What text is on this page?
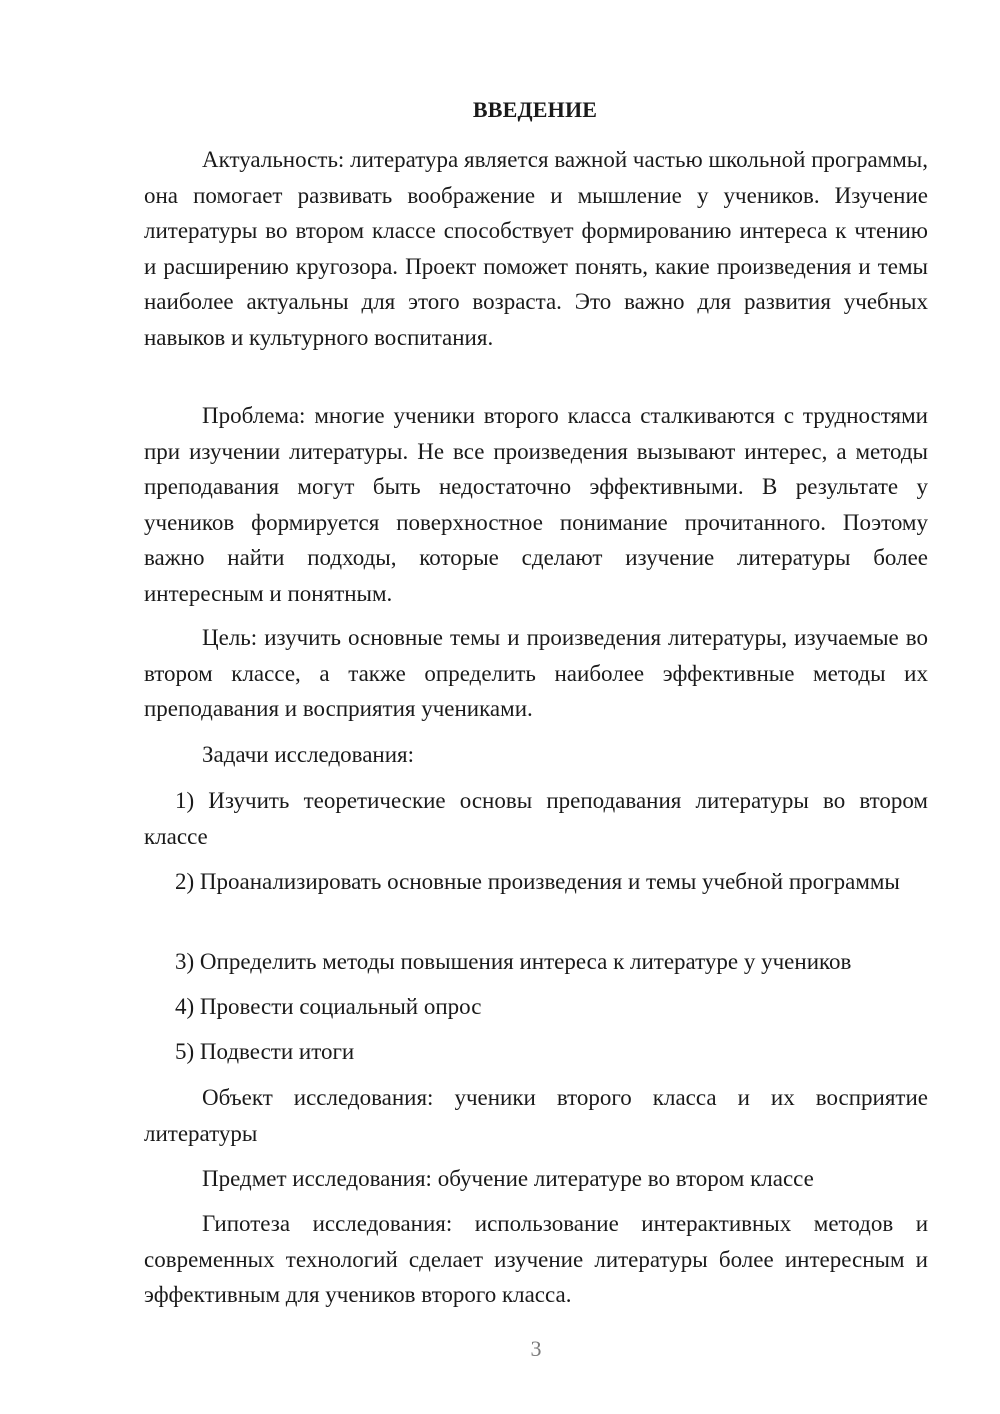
ВВЕДЕНИЕ

Актуальность: литература является важной частью школьной программы, она помогает развивать воображение и мышление у учеников. Изучение литературы во втором классе способствует формированию интереса к чтению и расширению кругозора. Проект поможет понять, какие произведения и темы наиболее актуальны для этого возраста. Это важно для развития учебных навыков и культурного воспитания.

Проблема: многие ученики второго класса сталкиваются с трудностями при изучении литературы. Не все произведения вызывают интерес, а методы преподавания могут быть недостаточно эффективными. В результате у учеников формируется поверхностное понимание прочитанного. Поэтому важно найти подходы, которые сделают изучение литературы более интересным и понятным.

Цель: изучить основные темы и произведения литературы, изучаемые во втором классе, а также определить наиболее эффективные методы их преподавания и восприятия учениками.

Задачи исследования:

1) Изучить теоретические основы преподавания литературы во втором классе

2) Проанализировать основные произведения и темы учебной программы

3) Определить методы повышения интереса к литературе у учеников

4) Провести социальный опрос

5) Подвести итоги

Объект исследования: ученики второго класса и их восприятие литературы

Предмет исследования: обучение литературе во втором классе

Гипотеза исследования: использование интерактивных методов и современных технологий сделает изучение литературы более интересным и эффективным для учеников второго класса.

3
